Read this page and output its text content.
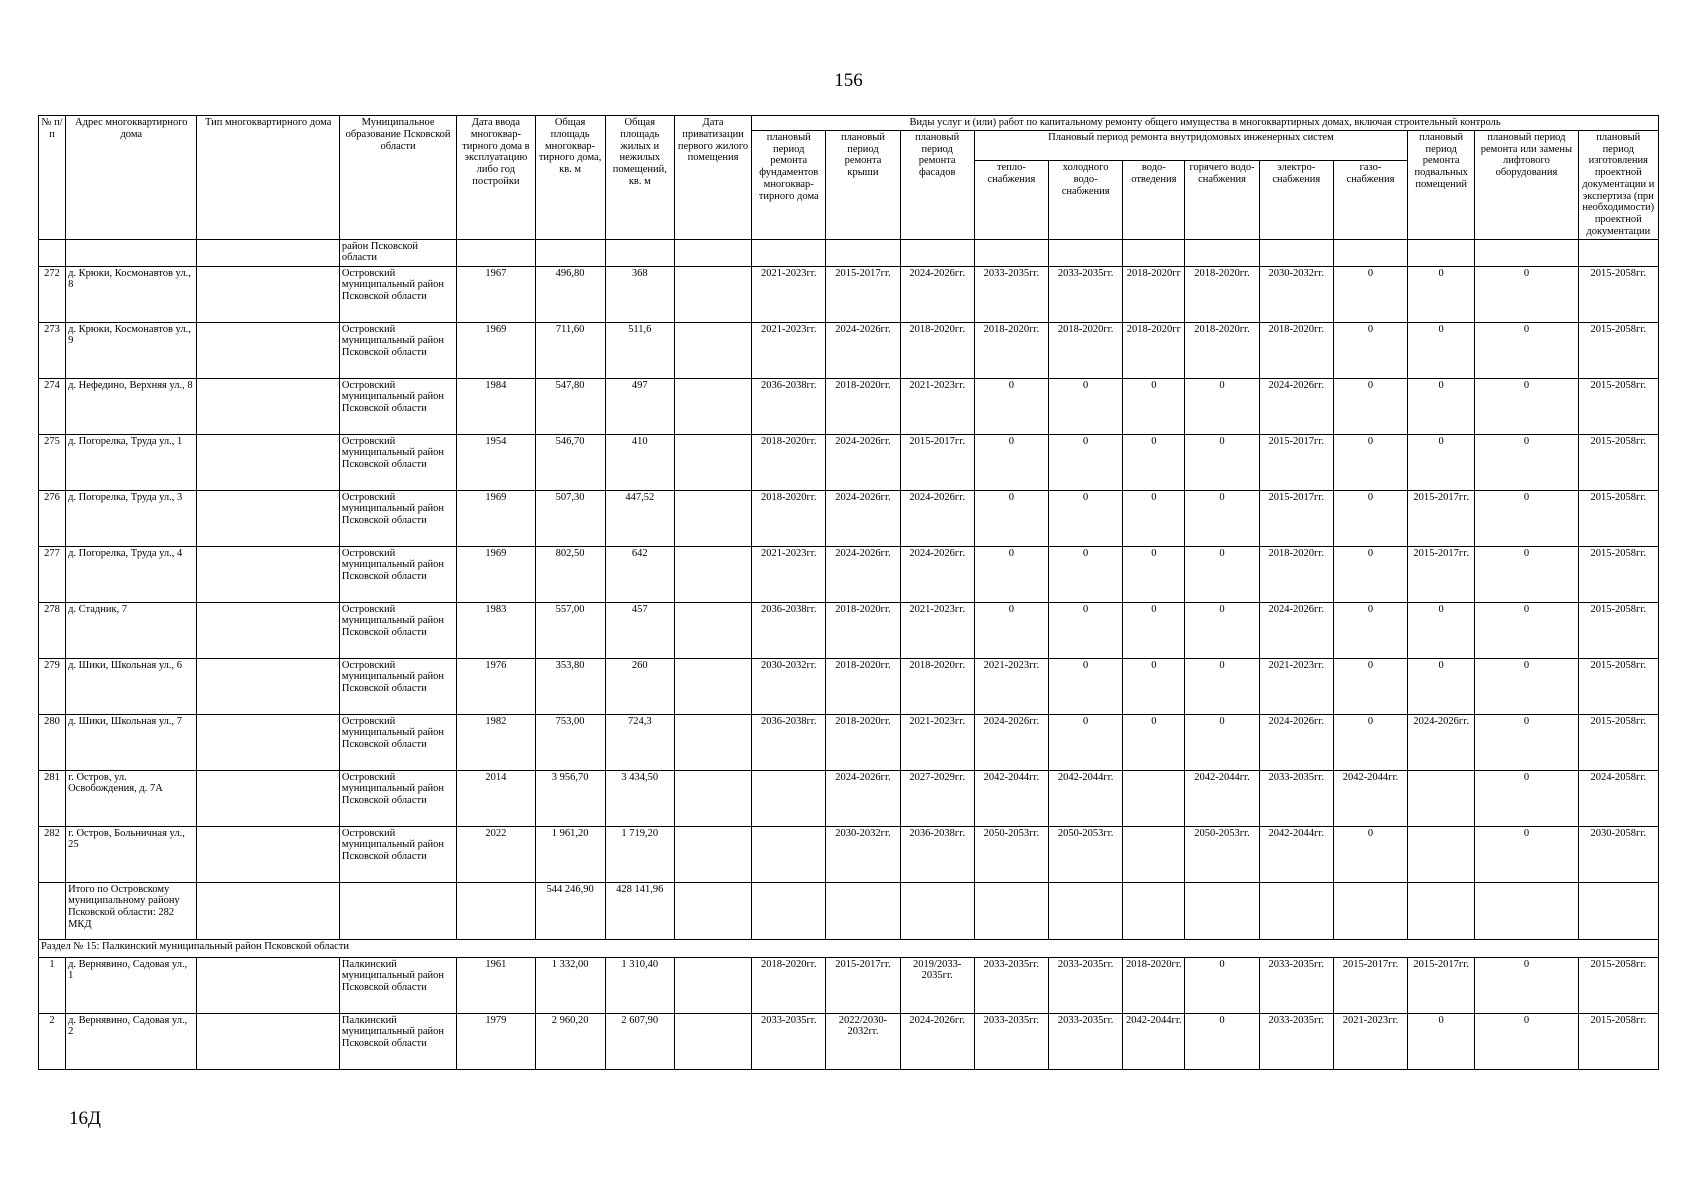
156
№ п/п	Адрес многоквартирного дома	Тип многоквартирного дома	Муниципальное образование Псковской области	Дата ввода многоквар-тирного дома в эксплуатацию либо год постройки	Общая площадь многоквар-тирного дома, кв. м	Общая площадь жилых и нежилых помещений, кв. м	Дата приватизации первого жилого помещения	Виды услуг и (или) работ по капитальному ремонту общего имущества в многоквартирных домах, включая строительный контроль											
								плановый период ремонта фундаментов многоквар-тирного дома	плановый период ремонта крыши	плановый период ремонта фасадов	Плановый период ремонта внутридомовых инженерных систем						плановый период ремонта подвальных помещений	плановый период ремонта или замены лифтового оборудования	плановый период изготовления проектной документации и экспертиза (при необходимости) проектной документации
											тепло-снабжения	холодного водо-снабжения	водо-отведения	горячего водо-снабжения	электро-снабжения	газо-снабжения			
			район Псковской области																
272	д. Крюки, Космонавтов ул., 8		Островский муниципальный район Псковской области	1967	496,80	368		2021-2023гг.	2015-2017гг.	2024-2026гг.	2033-2035гг.	2033-2035гг.	2018-2020гг	2018-2020гг.	2030-2032гг.	0	0	0	2015-2058гг.
273	д. Крюки, Космонавтов ул., 9		Островский муниципальный район Псковской области	1969	711,60	511,6		2021-2023гг.	2024-2026гг.	2018-2020гг.	2018-2020гг.	2018-2020гг.	2018-2020гг	2018-2020гг.	2018-2020гг.	0	0	0	2015-2058гг.
274	д. Нефедино, Верхняя ул., 8		Островский муниципальный район Псковской области	1984	547,80	497		2036-2038гг.	2018-2020гг.	2021-2023гг.	0	0	0	0	2024-2026гг.	0	0	0	2015-2058гг.
275	д. Погорелка, Труда ул., 1		Островский муниципальный район Псковской области	1954	546,70	410		2018-2020гг.	2024-2026гг.	2015-2017гг.	0	0	0	0	2015-2017гг.	0	0	0	2015-2058гг.
276	д. Погорелка, Труда ул., 3		Островский муниципальный район Псковской области	1969	507,30	447,52		2018-2020гг.	2024-2026гг.	2024-2026гг.	0	0	0	0	2015-2017гг.	0	2015-2017гг.	0	2015-2058гг.
277	д. Погорелка, Труда ул., 4		Островский муниципальный район Псковской области	1969	802,50	642		2021-2023гг.	2024-2026гг.	2024-2026гг.	0	0	0	0	2018-2020гг.	0	2015-2017гг.	0	2015-2058гг.
278	д. Стадник, 7		Островский муниципальный район Псковской области	1983	557,00	457		2036-2038гг.	2018-2020гг.	2021-2023гг.	0	0	0	0	2024-2026гг.	0	0	0	2015-2058гг.
279	д. Шики, Школьная ул., 6		Островский муниципальный район Псковской области	1976	353,80	260		2030-2032гг.	2018-2020гг.	2018-2020гг.	2021-2023гг.	0	0	0	2021-2023гг.	0	0	0	2015-2058гг.
280	д. Шики, Школьная ул., 7		Островский муниципальный район Псковской области	1982	753,00	724,3		2036-2038гг.	2018-2020гг.	2021-2023гг.	2024-2026гг.	0	0	0	2024-2026гг.	0	2024-2026гг.	0	2015-2058гг.
281	г. Остров, ул. Освобождения, д. 7А		Островский муниципальный район Псковской области	2014	3 956,70	3 434,50			2024-2026гг.	2027-2029гг.	2042-2044гг.	2042-2044гг.		2042-2044гг.	2033-2035гг.	2042-2044гг.		0	2024-2058гг.
282	г. Остров, Больничная ул., 25		Островский муниципальный район Псковской области	2022	1 961,20	1 719,20			2030-2032гг.	2036-2038гг.	2050-2053гг.	2050-2053гг.		2050-2053гг.	2042-2044гг.	0		0	2030-2058гг.
	Итого по Островскому муниципальному району Псковской области: 282 МКД				544 246,90	428 141,96													
Раздел № 15: Палкинский муниципальный район Псковской области																			
1	д. Вернявино, Садовая ул., 1		Палкинский муниципальный район Псковской области	1961	1 332,00	1 310,40		2018-2020гг.	2015-2017гг.	2019/2033-2035гг.	2033-2035гг.	2033-2035гг.	2018-2020гг.	0	2033-2035гг.	2015-2017гг.	2015-2017гг.	0	2015-2058гг.
2	д. Вернявино, Садовая ул., 2		Палкинский муниципальный район Псковской области	1979	2 960,20	2 607,90		2033-2035гг.	2022/2030-2032гг.	2024-2026гг.	2033-2035гг.	2033-2035гг.	2042-2044гг.	0	2033-2035гг.	2021-2023гг.	0	0	2015-2058гг.
16Д
